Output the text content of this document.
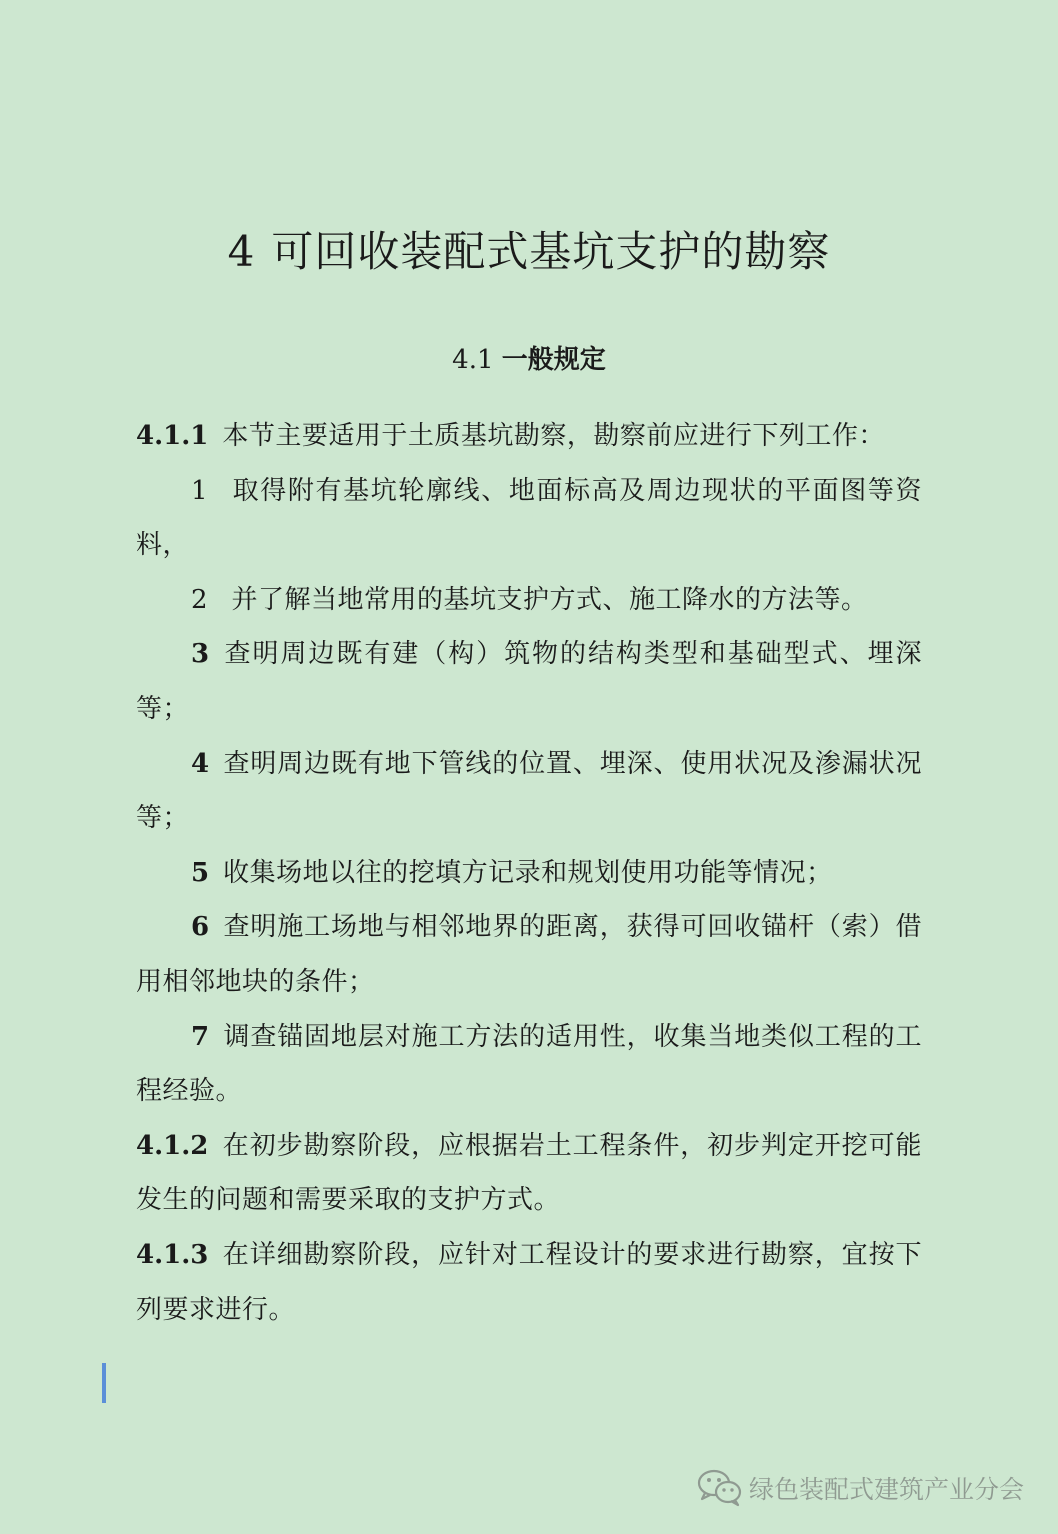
4 可回收装配式基坑支护的勘察
4.1 一般规定

4.1.1 本节主要适用于土质基坑勘察，勘察前应进行下列工作：

1 取得附有基坑轮廓线、地面标高及周边现状的平面图等资料，

2 并了解当地常用的基坑支护方式、施工降水的方法等。

3 查明周边既有建（构）筑物的结构类型和基础型式、埋深等；

4 查明周边既有地下管线的位置、埋深、使用状况及渗漏状况等；

5 收集场地以往的挖填方记录和规划使用功能等情况；

6 查明施工场地与相邻地界的距离，获得可回收锚杆（索）借用相邻地块的条件；

7 调查锚固地层对施工方法的适用性，收集当地类似工程的工程经验。

4.1.2 在初步勘察阶段，应根据岩土工程条件，初步判定开挖可能发生的问题和需要采取的支护方式。

4.1.3 在详细勘察阶段，应针对工程设计的要求进行勘察，宜按下列要求进行。

绿色装配式建筑产业分会
